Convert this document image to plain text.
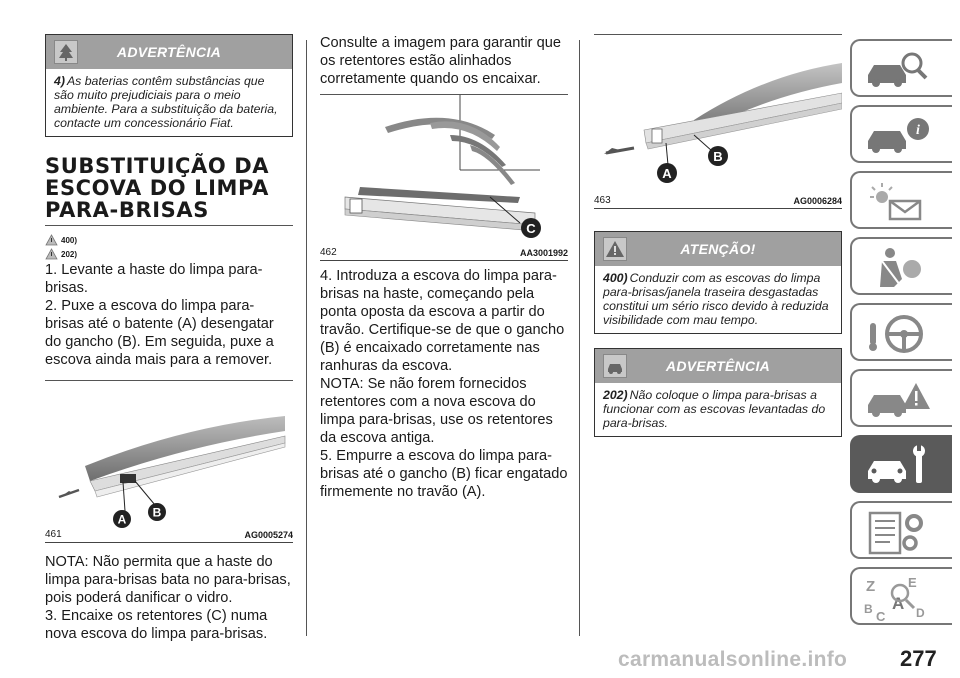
ADVERTÊNCIA
4) As baterias contêm substâncias que são muito prejudiciais para o meio ambiente. Para a substituição da bateria, contacte um concessionário Fiat.
SUBSTITUIÇÃO DA
ESCOVA DO LIMPA
PARA-BRISAS
400)
202)

1. Levante a haste do limpa para-brisas.

2. Puxe a escova do limpa para-brisas até o batente (A) desengatar do gancho (B). Em seguida, puxe a escova ainda mais para a remover.

A B
461	AG0005274

NOTA: Não permita que a haste do limpa para-brisas bata no para-brisas, pois poderá danificar o vidro.

3. Encaixe os retentores (C) numa nova escova do limpa para-brisas.

Consulte a imagem para garantir que os retentores estão alinhados corretamente quando os encaixar.

C
462	AA3001992

4. Introduza a escova do limpa para-brisas na haste, começando pela ponta oposta da escova a partir do travão. Certifique-se de que o gancho (B) é encaixado corretamente nas ranhuras da escova.

NOTA: Se não forem fornecidos retentores com a nova escova do limpa para-brisas, use os retentores da escova antiga.

5. Empurre a escova do limpa para-brisas até o gancho (B) ficar engatado firmemente no travão (A).

A
B
463	AG0006284
ATENÇÃO!
400) Conduzir com as escovas do limpa para-brisas/janela traseira desgastadas constitui um sério risco devido à reduzida visibilidade com mau tempo.
ADVERTÊNCIA
202) Não coloque o limpa para-brisas a funcionar com as escovas levantadas do para-brisas.
i
Z	E
A
B C	D
carmanualsonline.info 277
